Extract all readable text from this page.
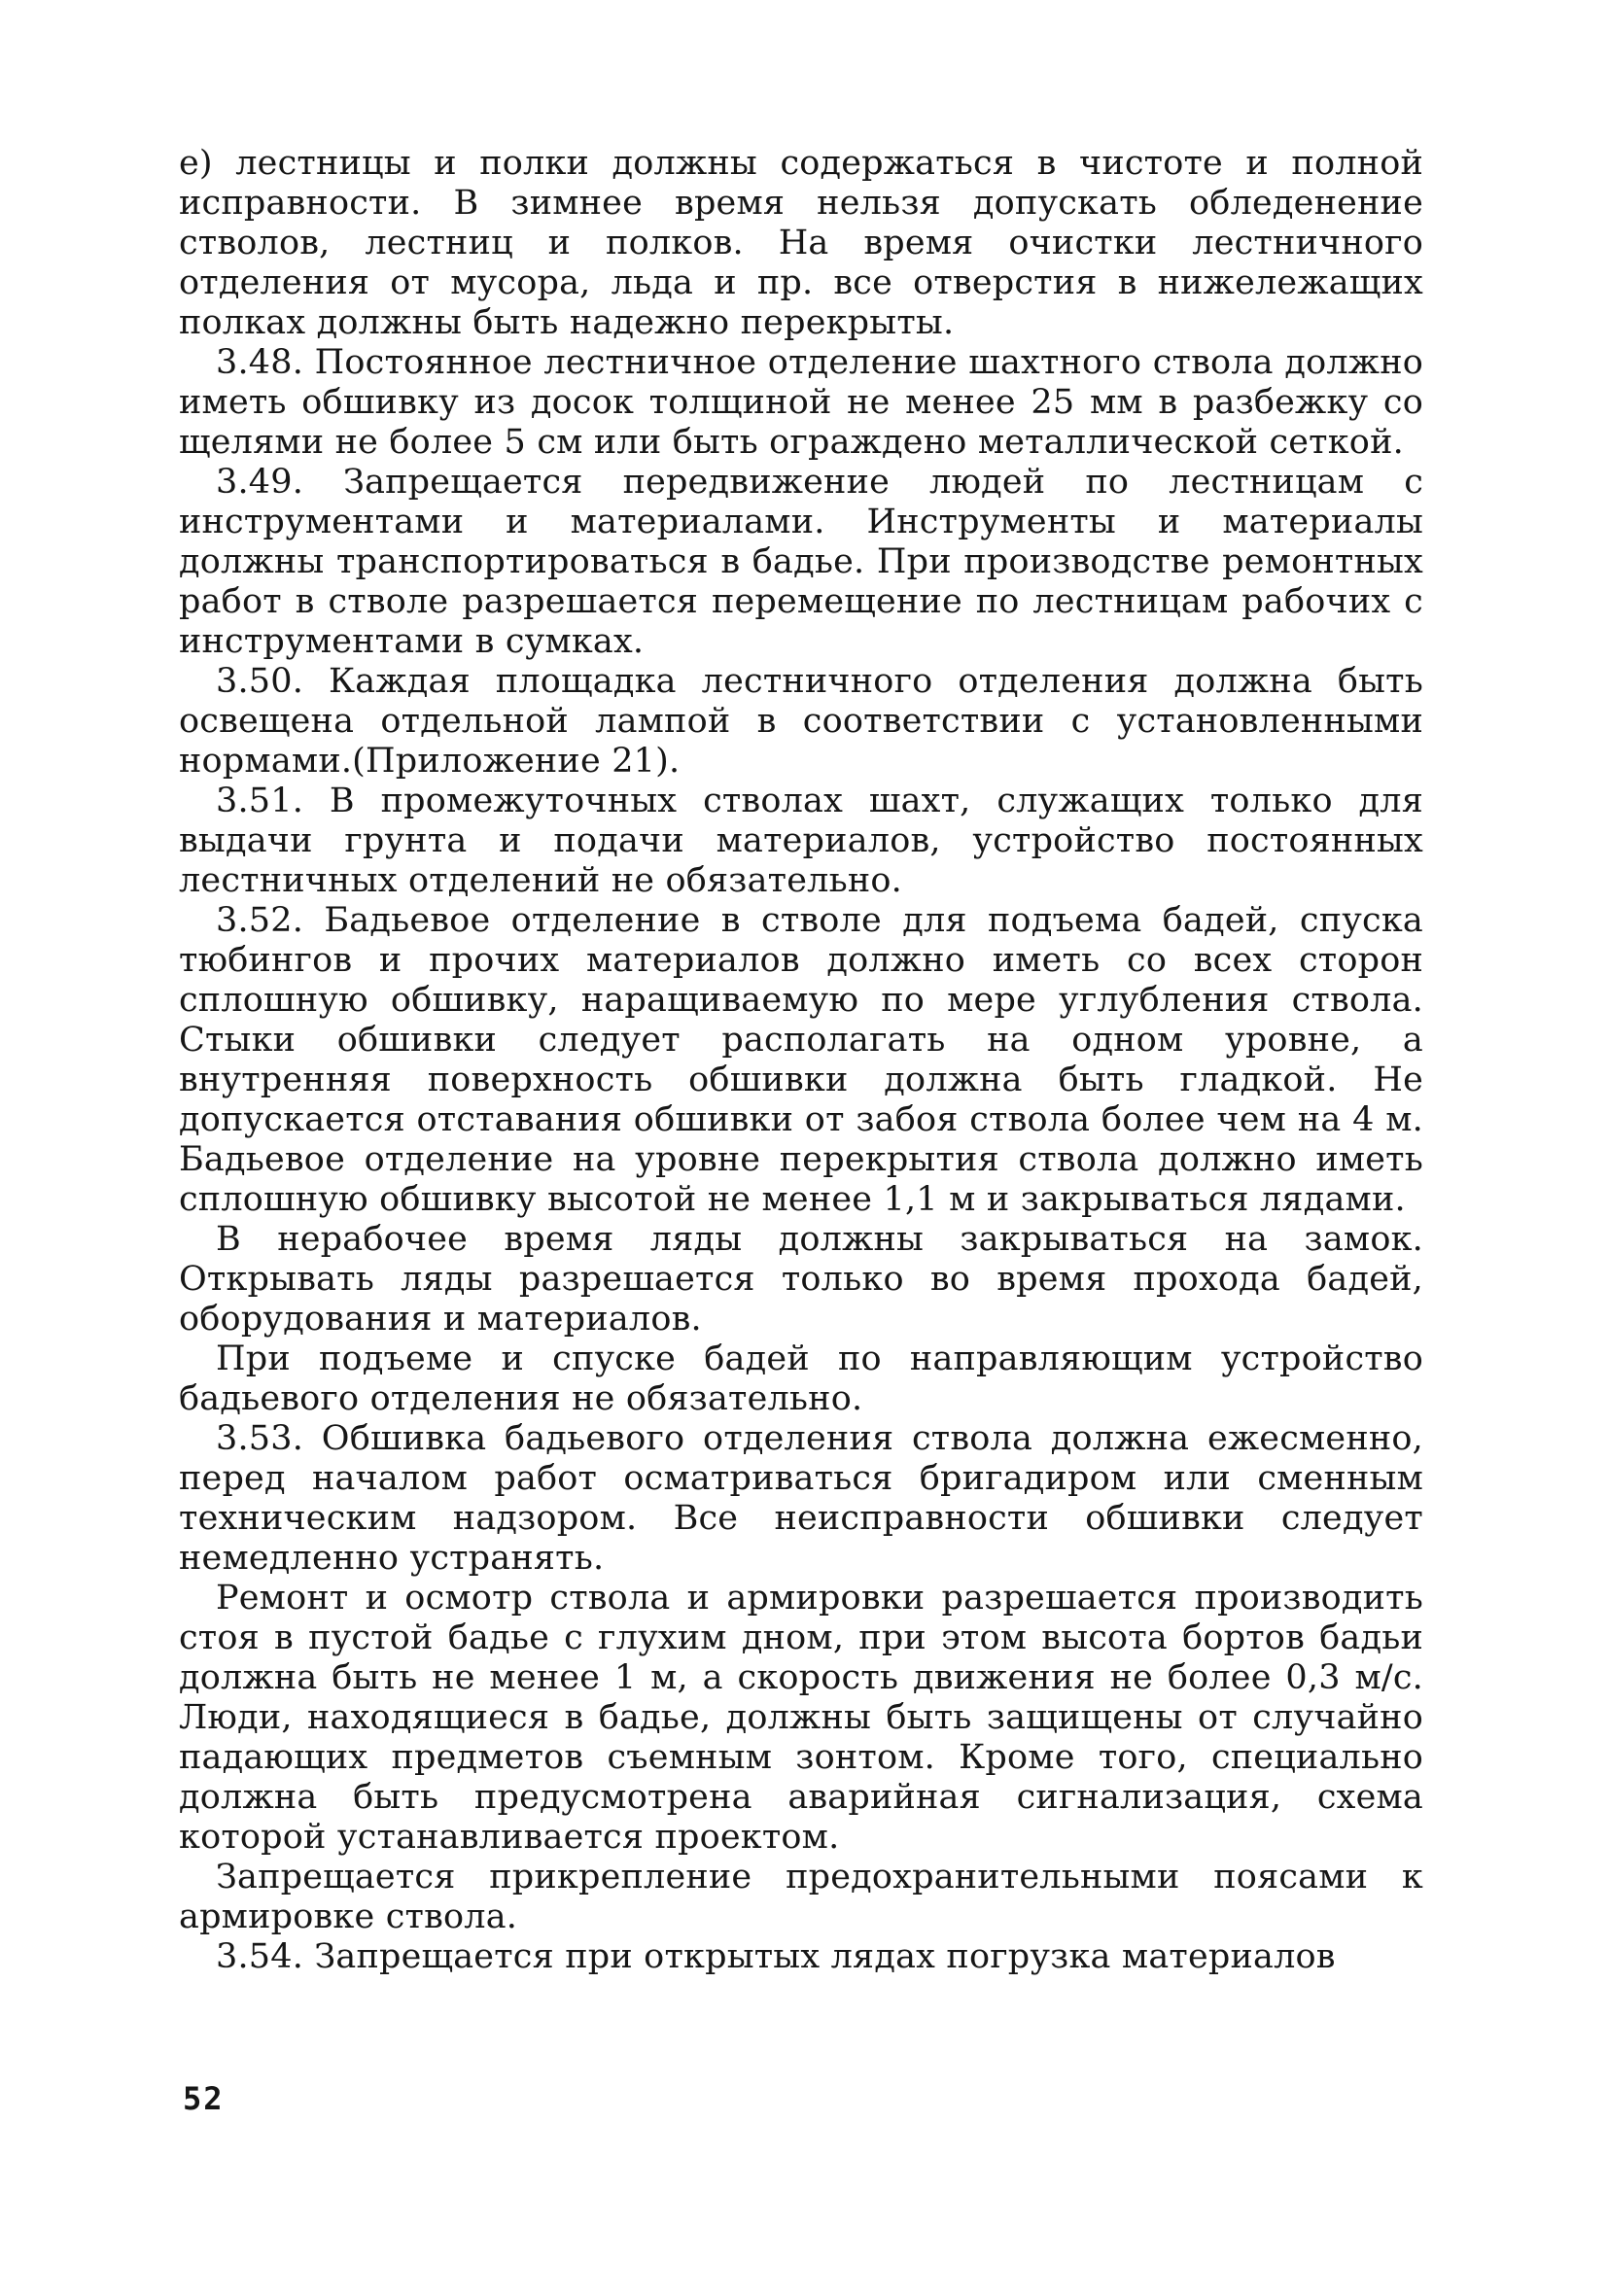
е) лестницы и полки должны содержаться в чистоте и полной исправности. В зимнее время нельзя допускать обледенение стволов, лестниц и полков. На время очистки лестничного отделения от мусора, льда и пр. все отверстия в нижележащих полках должны быть надежно перекрыты.

3.48. Постоянное лестничное отделение шахтного ствола должно иметь обшивку из досок толщиной не менее 25 мм в разбежку со щелями не более 5 см или быть ограждено металлической сеткой.

3.49. Запрещается передвижение людей по лестницам с инструментами и материалами. Инструменты и материалы должны транспортироваться в бадье. При производстве ремонтных работ в стволе разрешается перемещение по лестницам рабочих с инструментами в сумках.

3.50. Каждая площадка лестничного отделения должна быть освещена отдельной лампой в соответствии с установленными нормами.(Приложение 21).

3.51. В промежуточных стволах шахт, служащих только для выдачи грунта и подачи материалов, устройство постоянных лестничных отделений не обязательно.

3.52. Бадьевое отделение в стволе для подъема бадей, спуска тюбингов и прочих материалов должно иметь со всех сторон сплошную обшивку, наращиваемую по мере углубления ствола. Стыки обшивки следует располагать на одном уровне, а внутренняя поверхность обшивки должна быть гладкой. Не допускается отставания обшивки от забоя ствола более чем на 4 м. Бадьевое отделение на уровне перекрытия ствола должно иметь сплошную обшивку высотой не менее 1,1 м и закрываться лядами.

В нерабочее время ляды должны закрываться на замок. Открывать ляды разрешается только во время прохода бадей, оборудования и материалов.

При подъеме и спуске бадей по направляющим устройство бадьевого отделения не обязательно.

3.53. Обшивка бадьевого отделения ствола должна ежесменно, перед началом работ осматриваться бригадиром или сменным техническим надзором. Все неисправности обшивки следует немедленно устранять.

Ремонт и осмотр ствола и армировки разрешается производить стоя в пустой бадье с глухим дном, при этом высота бортов бадьи должна быть не менее 1 м, а скорость движения не более 0,3 м/с. Люди, находящиеся в бадье, должны быть защищены от случайно падающих предметов съемным зонтом. Кроме того, специально должна быть предусмотрена аварийная сигнализация, схема которой устанавливается проектом.

Запрещается прикрепление предохранительными поясами к армировке ствола.

3.54. Запрещается при открытых лядах погрузка материалов

52
